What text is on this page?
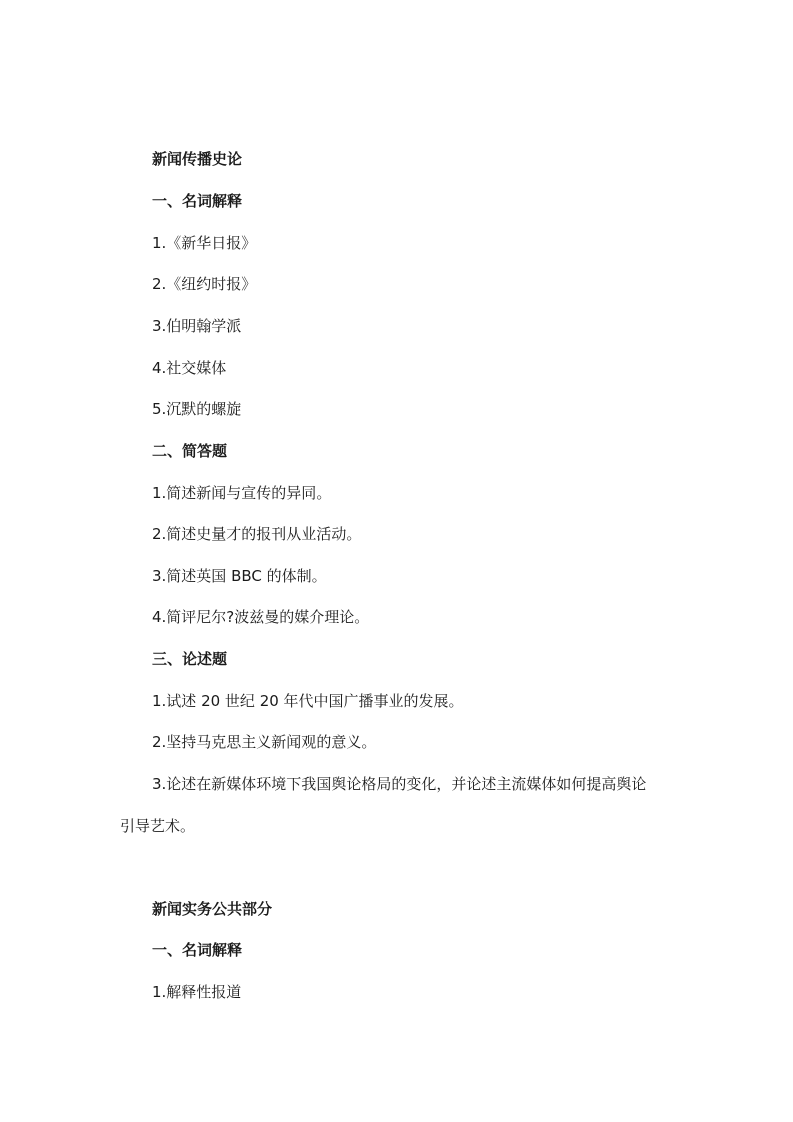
新闻传播史论
一、名词解释
1.《新华日报》
2.《纽约时报》
3.伯明翰学派
4.社交媒体
5.沉默的螺旋
二、简答题
1.简述新闻与宣传的异同。
2.简述史量才的报刊从业活动。
3.简述英国 BBC 的体制。
4.简评尼尔?波兹曼的媒介理论。
三、论述题
1.试述 20 世纪 20 年代中国广播事业的发展。
2.坚持马克思主义新闻观的意义。
3.论述在新媒体环境下我国舆论格局的变化，并论述主流媒体如何提高舆论
引导艺术。
新闻实务公共部分
一、名词解释
1.解释性报道
